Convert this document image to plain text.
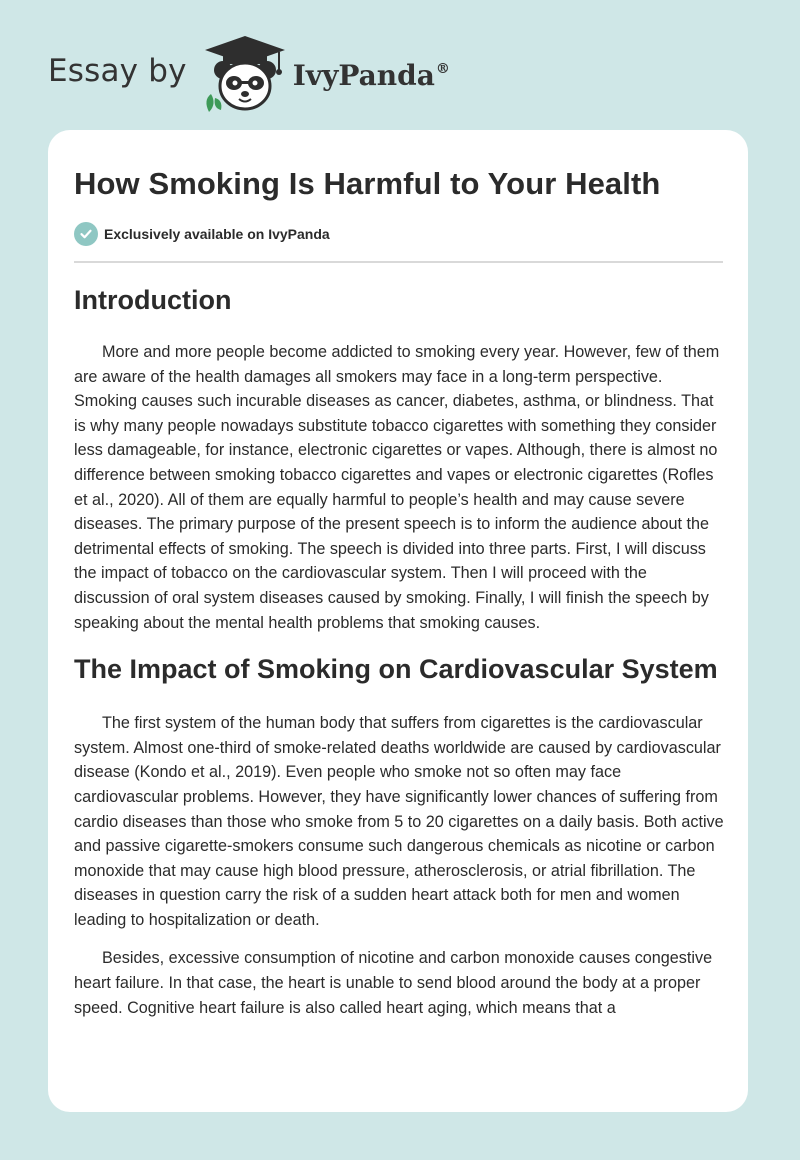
Essay by	IvyPanda®
How Smoking Is Harmful to Your Health
Exclusively available on IvyPanda
Introduction

More and more people become addicted to smoking every year. However, few of them are aware of the health damages all smokers may face in a long-term perspective. Smoking causes such incurable diseases as cancer, diabetes, asthma, or blindness. That is why many people nowadays substitute tobacco cigarettes with something they consider less damageable, for instance, electronic cigarettes or vapes. Although, there is almost no difference between smoking tobacco cigarettes and vapes or electronic cigarettes (Rofles et al., 2020). All of them are equally harmful to people’s health and may cause severe diseases. The primary purpose of the present speech is to inform the audience about the detrimental effects of smoking. The speech is divided into three parts. First, I will discuss the impact of tobacco on the cardiovascular system. Then I will proceed with the discussion of oral system diseases caused by smoking. Finally, I will finish the speech by speaking about the mental health problems that smoking causes.

The Impact of Smoking on Cardiovascular System

The first system of the human body that suffers from cigarettes is the cardiovascular system. Almost one-third of smoke-related deaths worldwide are caused by cardiovascular disease (Kondo et al., 2019). Even people who smoke not so often may face cardiovascular problems. However, they have significantly lower chances of suffering from cardio diseases than those who smoke from 5 to 20 cigarettes on a daily basis. Both active and passive cigarette-smokers consume such dangerous chemicals as nicotine or carbon monoxide that may cause high blood pressure, atherosclerosis, or atrial fibrillation. The diseases in question carry the risk of a sudden heart attack both for men and women leading to hospitalization or death.

Besides, excessive consumption of nicotine and carbon monoxide causes congestive heart failure. In that case, the heart is unable to send blood around the body at a proper speed. Cognitive heart failure is also called heart aging, which means that a
